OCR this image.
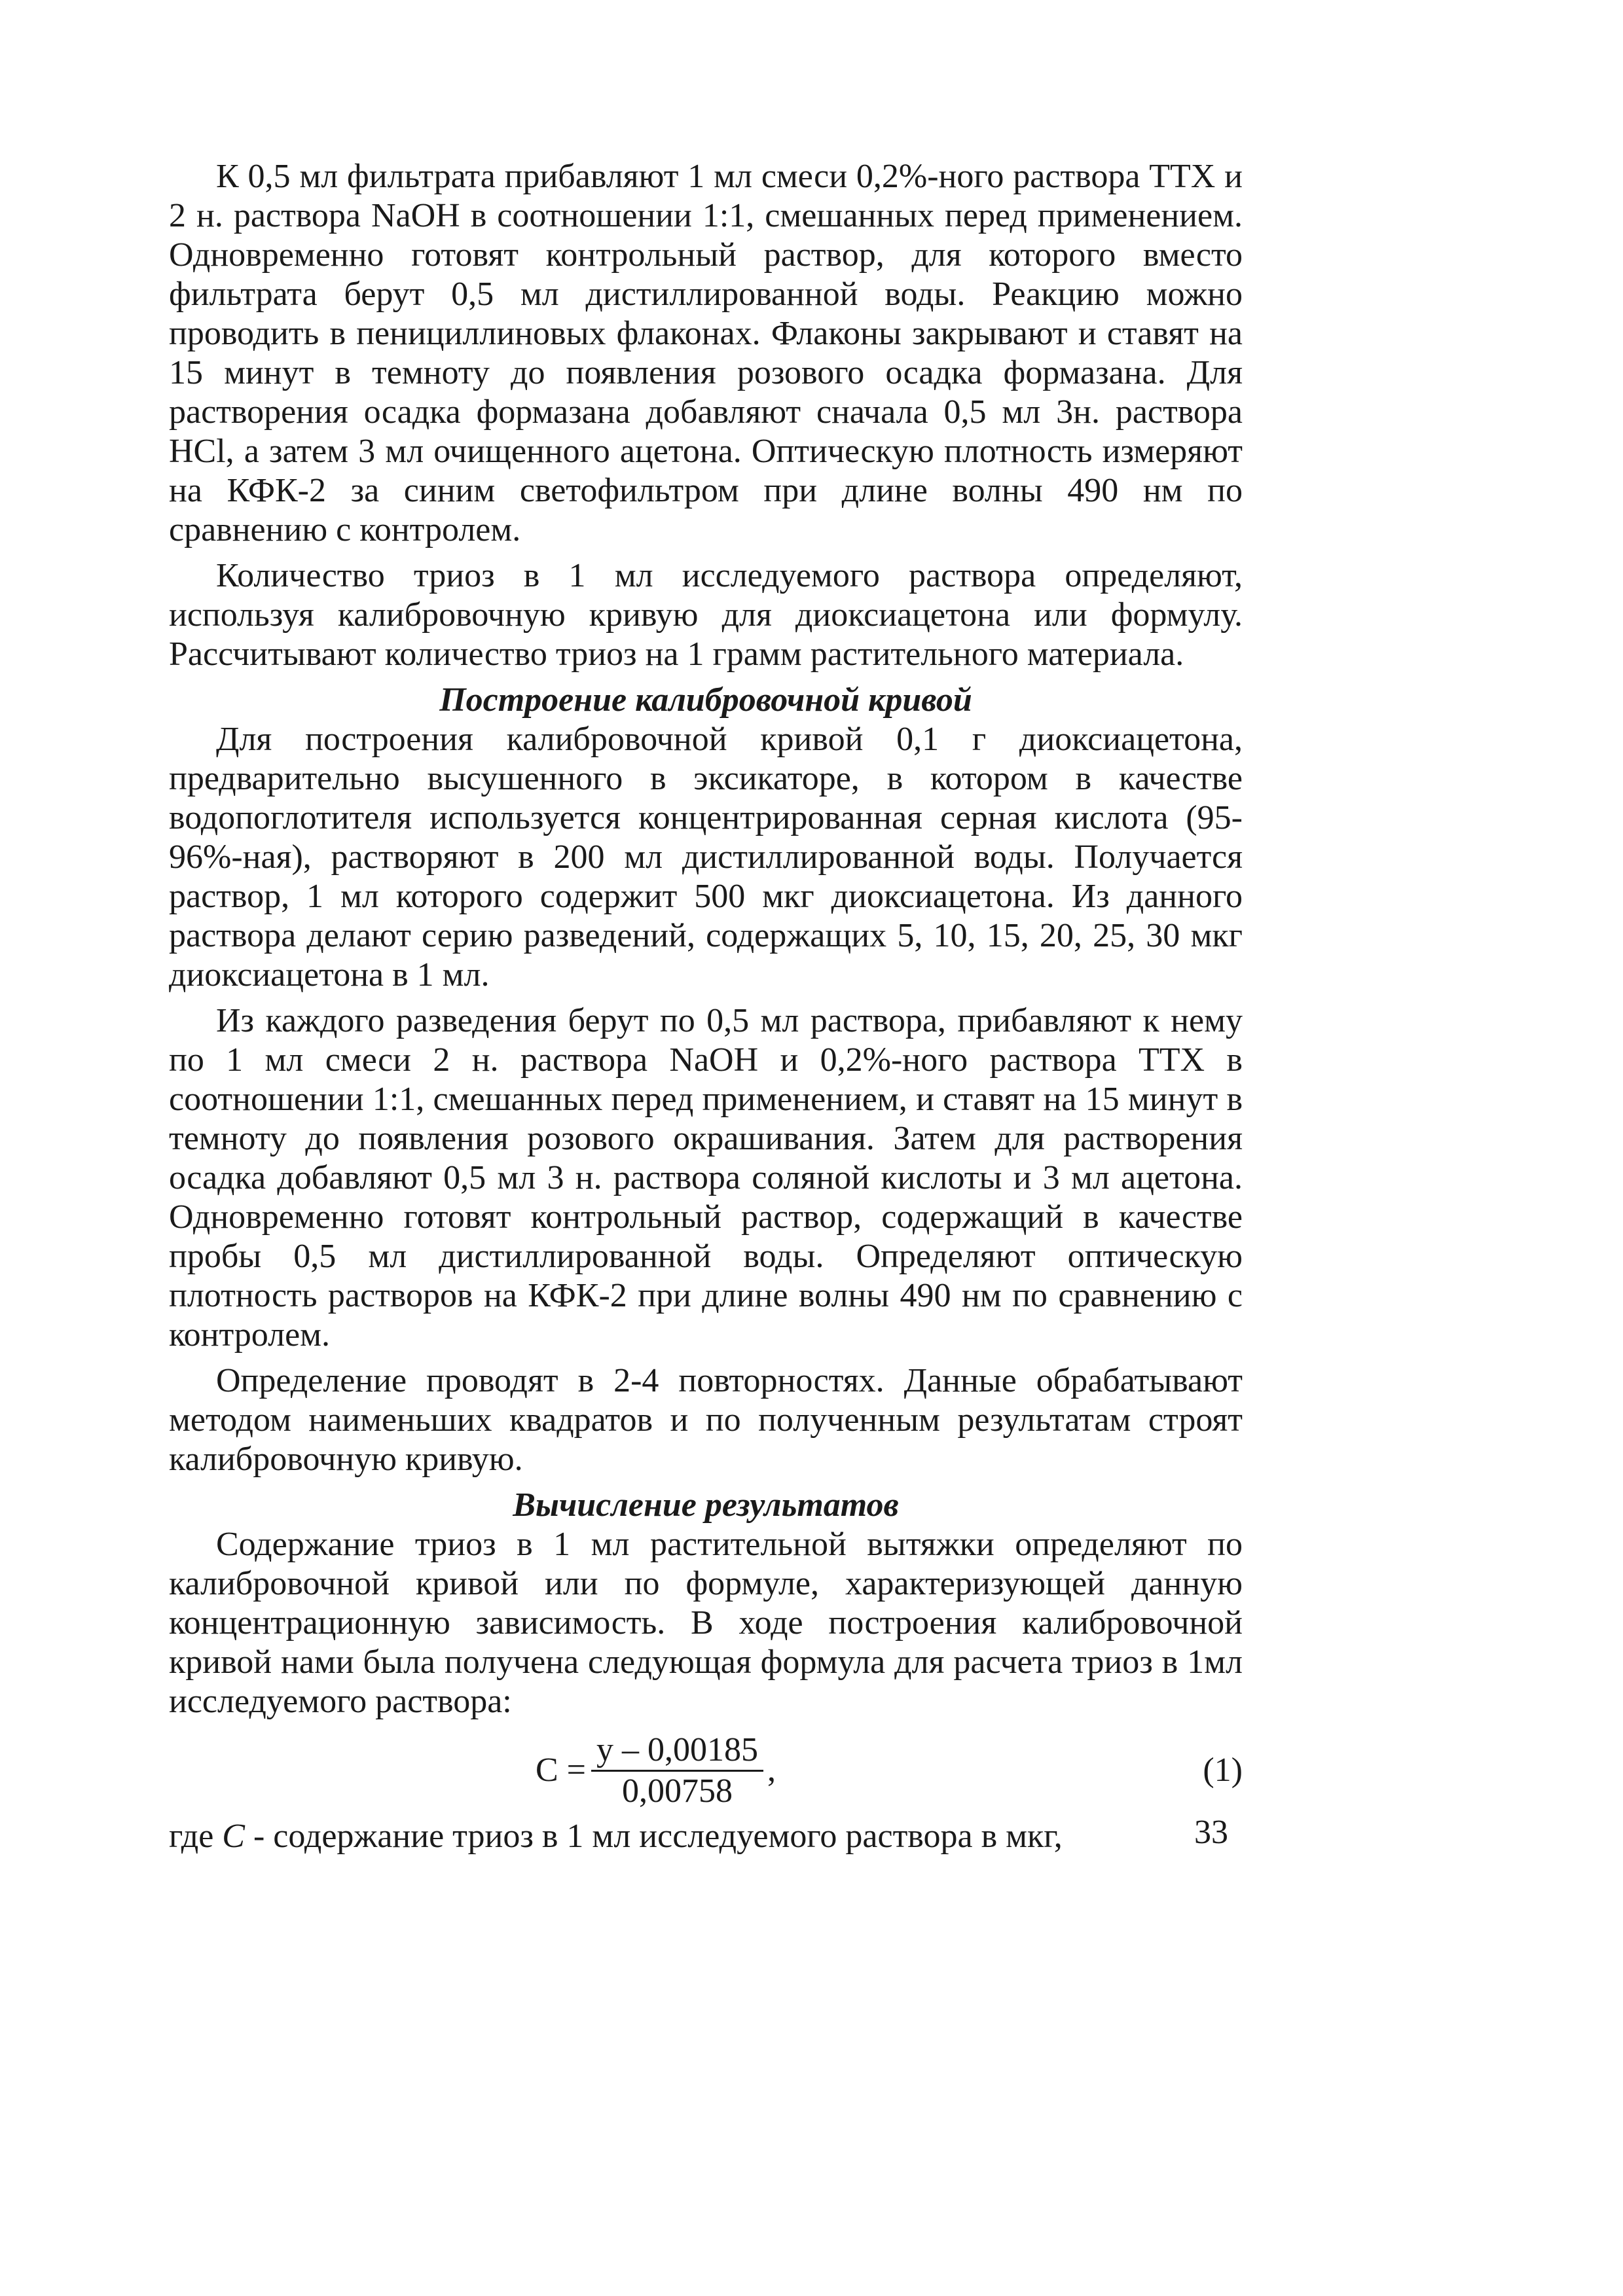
К 0,5 мл фильтрата прибавляют 1 мл смеси 0,2%-ного раствора ТТХ и 2 н. раствора NaOH в соотношении 1:1, смешанных перед применением. Одновременно готовят контрольный раствор, для которого вместо фильтрата берут 0,5 мл дистиллированной воды. Реакцию можно проводить в пенициллиновых флаконах. Флаконы закрывают и ставят на 15 минут в темноту до появления розового осадка формазана. Для растворения осадка формазана добавляют сначала 0,5 мл 3н. раствора HCl, а затем 3 мл очищенного ацетона. Оптическую плотность измеряют на КФК-2 за синим светофильтром при длине волны 490 нм по сравнению с контролем.

Количество триоз в 1 мл исследуемого раствора определяют, используя калибровочную кривую для диоксиацетона или формулу. Рассчитывают количество триоз на 1 грамм растительного материала.

Построение калибровочной кривой

Для построения калибровочной кривой 0,1 г диоксиацетона, предварительно высушенного в эксикаторе, в котором в качестве водопоглотителя используется концентрированная серная кислота (95-96%-ная), растворяют в 200 мл дистиллированной воды. Получается раствор, 1 мл которого содержит 500 мкг диоксиацетона. Из данного раствора делают серию разведений, содержащих 5, 10, 15, 20, 25, 30 мкг диоксиацетона в 1 мл.

Из каждого разведения берут по 0,5 мл раствора, прибавляют к нему по 1 мл смеси 2 н. раствора NaOH и 0,2%-ного раствора ТТХ в соотношении 1:1, смешанных перед применением, и ставят на 15 минут в темноту до появления розового окрашивания. Затем для растворения осадка добавляют 0,5 мл 3 н. раствора соляной кислоты и 3 мл ацетона. Одновременно готовят контрольный раствор, содержащий в качестве пробы 0,5 мл дистиллированной воды. Определяют оптическую плотность растворов на КФК-2 при длине волны 490 нм по сравнению с контролем.

Определение проводят в 2-4 повторностях. Данные обрабатывают методом наименьших квадратов и по полученным результатам строят калибровочную кривую.

Вычисление результатов

Содержание триоз в 1 мл растительной вытяжки определяют по калибровочной кривой или по формуле, характеризующей данную концентрационную зависимость. В ходе построения калибровочной кривой нами была получена следующая формула для расчета триоз в 1мл исследуемого раствора:

$C = \frac{y - 0,00185}{0,00758}$ ,	(1)

где C - содержание триоз в 1 мл исследуемого раствора в мкг,	33
